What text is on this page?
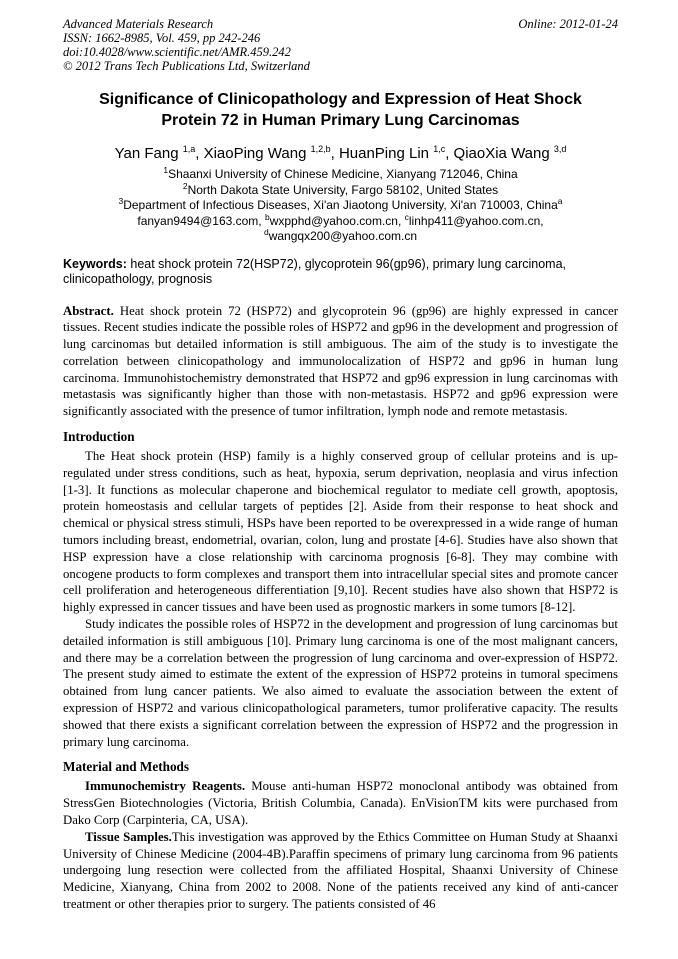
Advanced Materials Research
ISSN: 1662-8985, Vol. 459, pp 242-246
doi:10.4028/www.scientific.net/AMR.459.242
© 2012 Trans Tech Publications Ltd, Switzerland
Online: 2012-01-24
Significance of Clinicopathology and Expression of Heat Shock Protein 72 in Human Primary Lung Carcinomas
Yan Fang $^{1,a}$, XiaoPing Wang $^{1,2,b}$, HuanPing Lin $^{1,c}$, QiaoXia Wang $^{3,d}$
$^1$Shaanxi University of Chinese Medicine, Xianyang 712046, China
$^2$North Dakota State University, Fargo 58102, United States
$^3$Department of Infectious Diseases, Xi'an Jiaotong University, Xi'an 710003, China$^a$
fanyan9494@163.com, $^b$wxpphd@yahoo.com.cn, $^c$linhp411@yahoo.com.cn,
$^d$wangqx200@yahoo.com.cn
Keywords: heat shock protein 72(HSP72), glycoprotein 96(gp96), primary lung carcinoma, clinicopathology, prognosis

Abstract. Heat shock protein 72 (HSP72) and glycoprotein 96 (gp96) are highly expressed in cancer tissues. Recent studies indicate the possible roles of HSP72 and gp96 in the development and progression of lung carcinomas but detailed information is still ambiguous. The aim of the study is to investigate the correlation between clinicopathology and immunolocalization of HSP72 and gp96 in human lung carcinoma. Immunohistochemistry demonstrated that HSP72 and gp96 expression in lung carcinomas with metastasis was significantly higher than those with non-metastasis. HSP72 and gp96 expression were significantly associated with the presence of tumor infiltration, lymph node and remote metastasis.

Introduction

The Heat shock protein (HSP) family is a highly conserved group of cellular proteins and is up-regulated under stress conditions, such as heat, hypoxia, serum deprivation, neoplasia and virus infection [1-3]. It functions as molecular chaperone and biochemical regulator to mediate cell growth, apoptosis, protein homeostasis and cellular targets of peptides [2]. Aside from their response to heat shock and chemical or physical stress stimuli, HSPs have been reported to be overexpressed in a wide range of human tumors including breast, endometrial, ovarian, colon, lung and prostate [4-6]. Studies have also shown that HSP expression have a close relationship with carcinoma prognosis [6-8]. They may combine with oncogene products to form complexes and transport them into intracellular special sites and promote cancer cell proliferation and heterogeneous differentiation [9,10]. Recent studies have also shown that HSP72 is highly expressed in cancer tissues and have been used as prognostic markers in some tumors [8-12].

Study indicates the possible roles of HSP72 in the development and progression of lung carcinomas but detailed information is still ambiguous [10]. Primary lung carcinoma is one of the most malignant cancers, and there may be a correlation between the progression of lung carcinoma and over-expression of HSP72. The present study aimed to estimate the extent of the expression of HSP72 proteins in tumoral specimens obtained from lung cancer patients. We also aimed to evaluate the association between the extent of expression of HSP72 and various clinicopathological parameters, tumor proliferative capacity. The results showed that there exists a significant correlation between the expression of HSP72 and the progression in primary lung carcinoma.

Material and Methods

Immunochemistry Reagents. Mouse anti-human HSP72 monoclonal antibody was obtained from StressGen Biotechnologies (Victoria, British Columbia, Canada). EnVisionTM kits were purchased from Dako Corp (Carpinteria, CA, USA).

Tissue Samples.This investigation was approved by the Ethics Committee on Human Study at Shaanxi University of Chinese Medicine (2004-4B).Paraffin specimens of primary lung carcinoma from 96 patients undergoing lung resection were collected from the affiliated Hospital, Shaanxi University of Chinese Medicine, Xianyang, China from 2002 to 2008. None of the patients received any kind of anti-cancer treatment or other therapies prior to surgery. The patients consisted of 46
